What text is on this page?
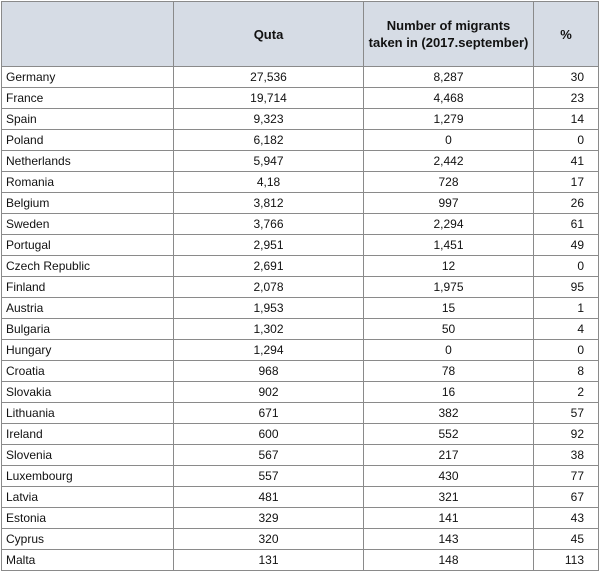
	Quta	Number of migrants taken in (2017.september)	%
Germany	27,536	8,287	30
France	19,714	4,468	23
Spain	9,323	1,279	14
Poland	6,182	0	0
Netherlands	5,947	2,442	41
Romania	4,18	728	17
Belgium	3,812	997	26
Sweden	3,766	2,294	61
Portugal	2,951	1,451	49
Czech Republic	2,691	12	0
Finland	2,078	1,975	95
Austria	1,953	15	1
Bulgaria	1,302	50	4
Hungary	1,294	0	0
Croatia	968	78	8
Slovakia	902	16	2
Lithuania	671	382	57
Ireland	600	552	92
Slovenia	567	217	38
Luxembourg	557	430	77
Latvia	481	321	67
Estonia	329	141	43
Cyprus	320	143	45
Malta	131	148	113
